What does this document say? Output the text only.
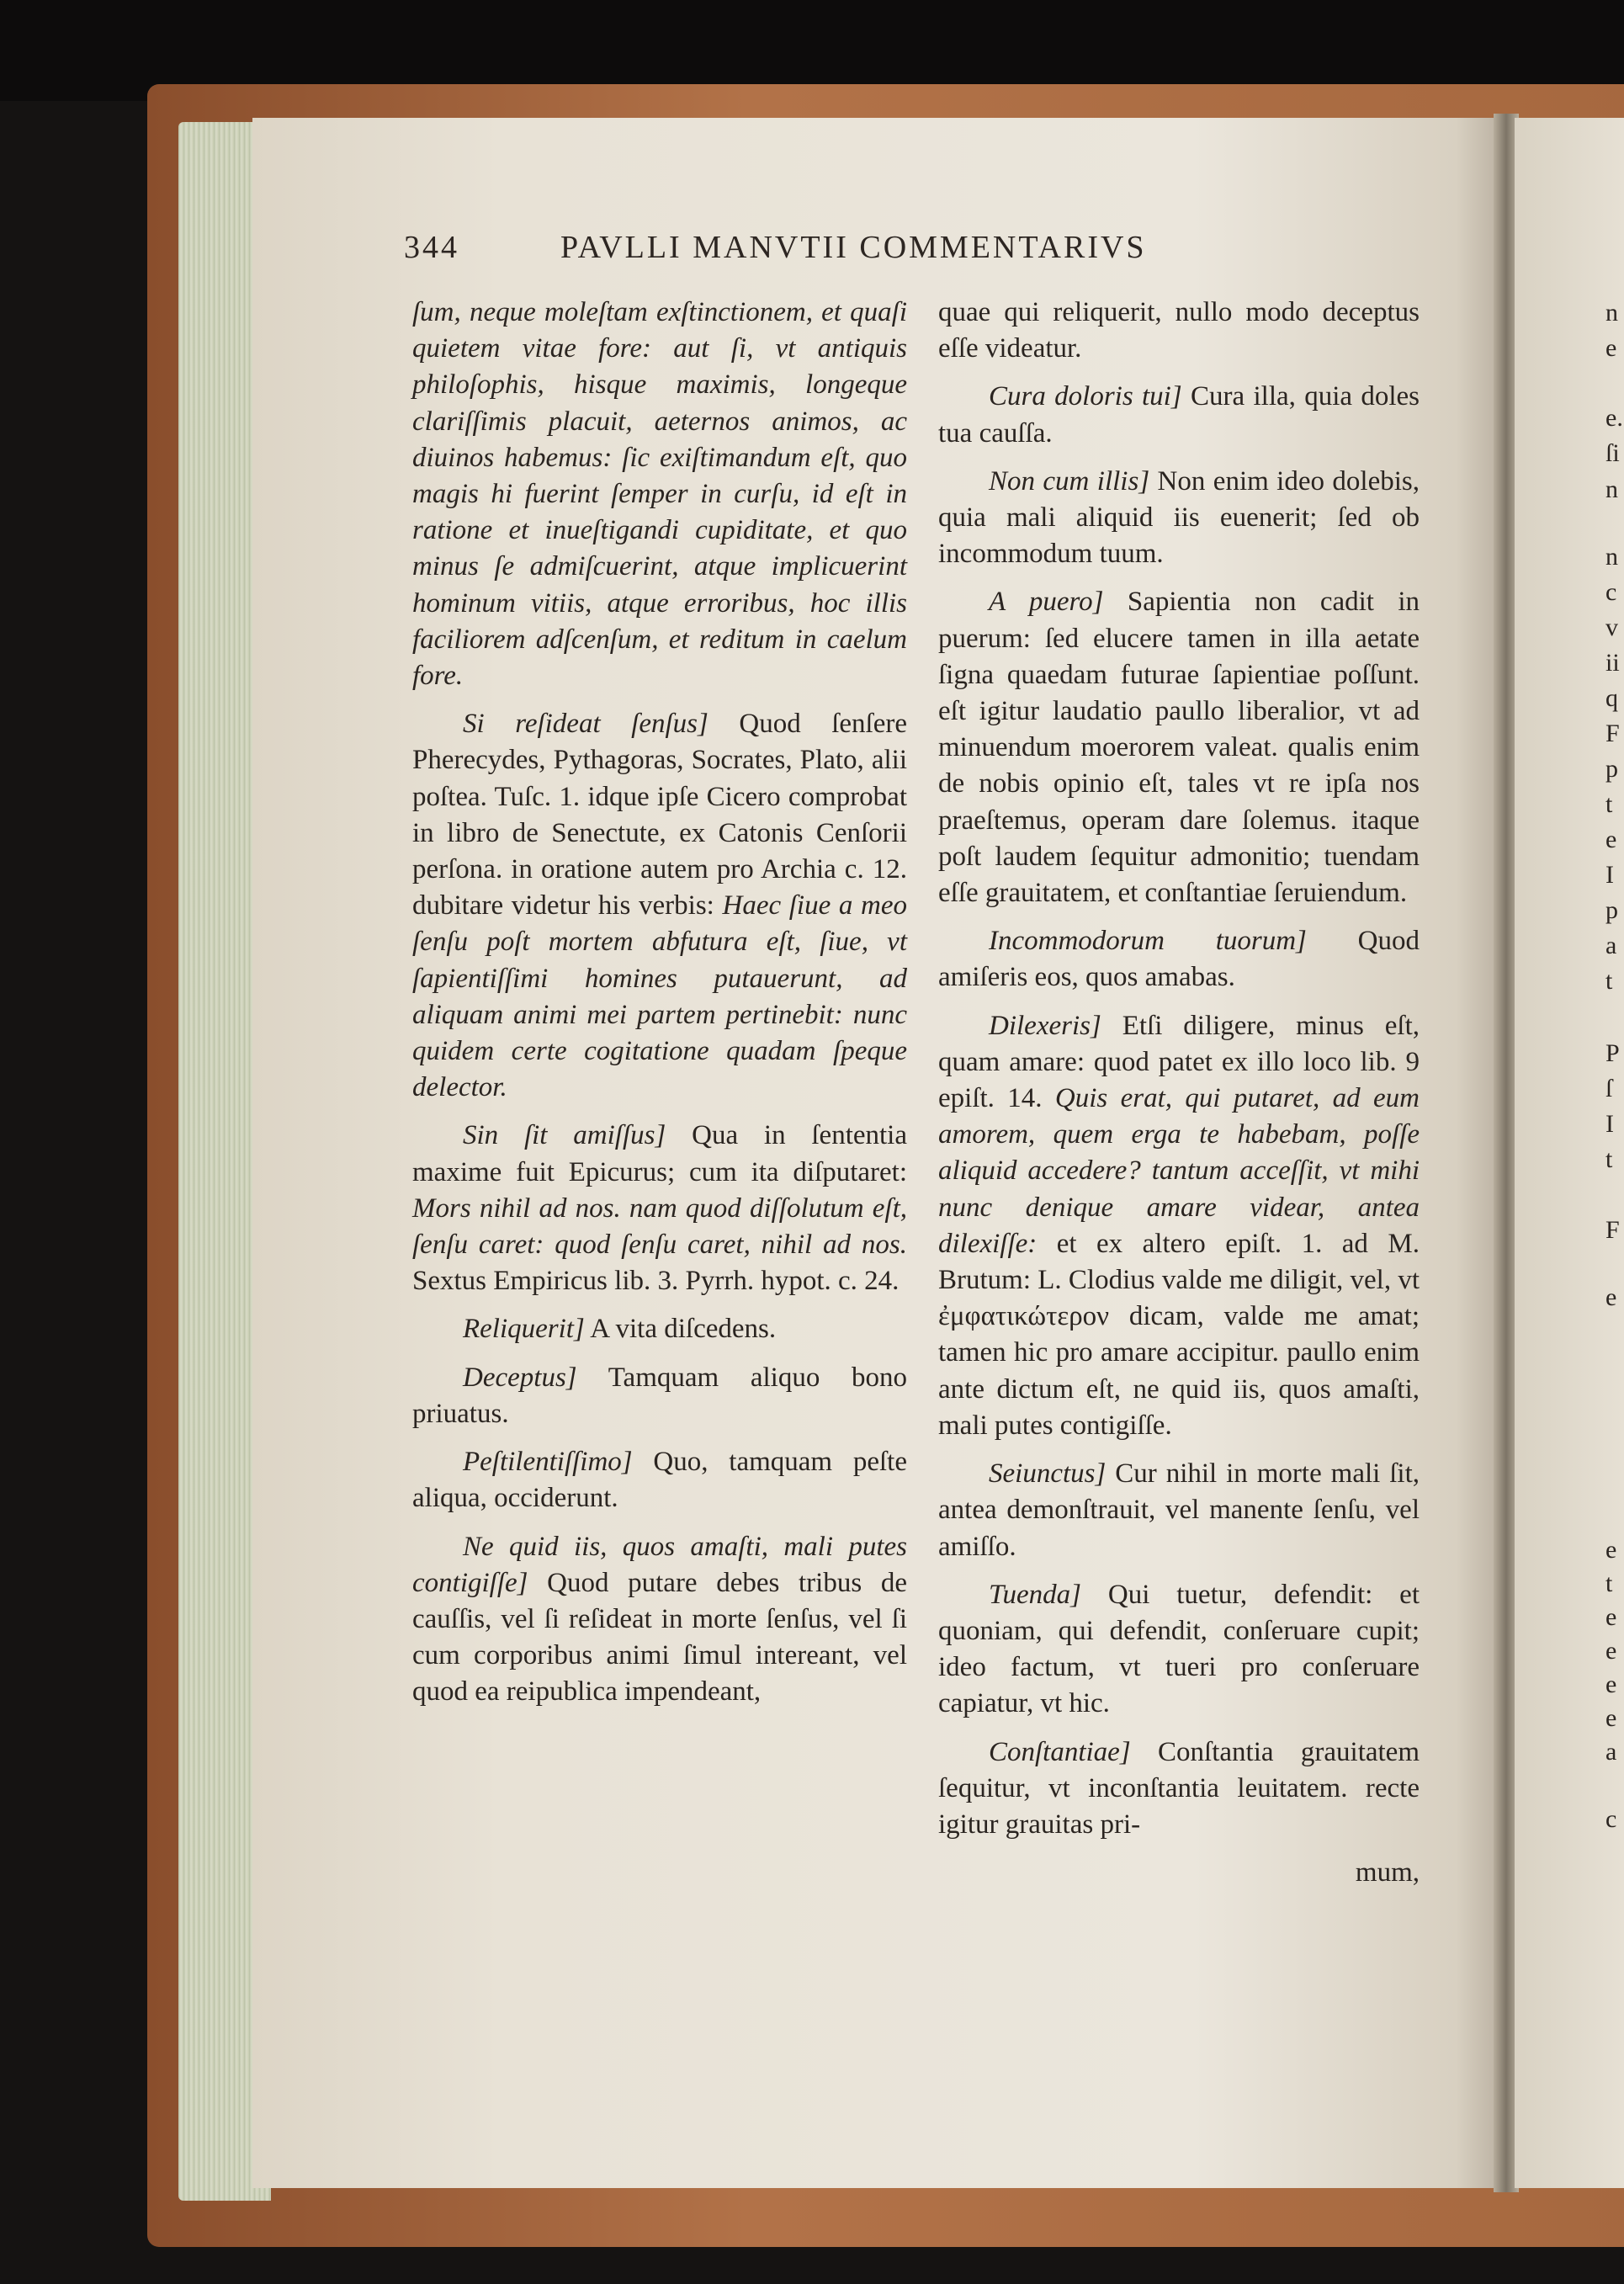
344	PAVLLI MANVTII COMMENTARIVS

ſum, neque moleſtam exſtinctionem, et quaſi quietem vitae fore: aut ſi, vt antiquis philoſophis, hisque maximis, longeque clariſſimis placuit, aeternos animos, ac diuinos habemus: ſic exiſtimandum eſt, quo magis hi fuerint ſemper in curſu, id eſt in ratione et inueſtigandi cupiditate, et quo minus ſe admiſcuerint, atque implicuerint hominum vitiis, atque erroribus, hoc illis faciliorem adſcenſum, et reditum in caelum fore.

Si reſideat ſenſus] Quod ſenſere Pherecydes, Pythagoras, Socrates, Plato, alii poſtea. Tuſc. 1. idque ipſe Cicero comprobat in libro de Senectute, ex Catonis Cenſorii perſona. in oratione autem pro Archia c. 12. dubitare videtur his verbis: Haec ſiue a meo ſenſu poſt mortem abfutura eſt, ſiue, vt ſapientiſſimi homines putauerunt, ad aliquam animi mei partem pertinebit: nunc quidem certe cogitatione quadam ſpeque delector.

Sin ſit amiſſus] Qua in ſententia maxime fuit Epicurus; cum ita diſputaret: Mors nihil ad nos. nam quod diſſolutum eſt, ſenſu caret: quod ſenſu caret, nihil ad nos. Sextus Empiricus lib. 3. Pyrrh. hypot. c. 24.

Reliquerit] A vita diſcedens.

Deceptus] Tamquam aliquo bono priuatus.

Peſtilentiſſimo] Quo, tamquam peſte aliqua, occiderunt.

Ne quid iis, quos amaſti, mali putes contigiſſe] Quod putare debes tribus de cauſſis, vel ſi reſideat in morte ſenſus, vel ſi cum corporibus animi ſimul intereant, vel quod ea reipublica impendeant,

quae qui reliquerit, nullo modo deceptus eſſe videatur.

Cura doloris tui] Cura illa, quia doles tua cauſſa.

Non cum illis] Non enim ideo dolebis, quia mali aliquid iis euenerit; ſed ob incommodum tuum.

A puero] Sapientia non cadit in puerum: ſed elucere tamen in illa aetate ſigna quaedam futurae ſapientiae poſſunt. eſt igitur laudatio paullo liberalior, vt ad minuendum moerorem valeat. qualis enim de nobis opinio eſt, tales vt re ipſa nos praeſtemus, operam dare ſolemus. itaque poſt laudem ſequitur admonitio; tuendam eſſe grauitatem, et conſtantiae ſeruiendum.

Incommodorum tuorum] Quod amiſeris eos, quos amabas.

Dilexeris] Etſi diligere, minus eſt, quam amare: quod patet ex illo loco lib. 9 epiſt. 14. Quis erat, qui putaret, ad eum amorem, quem erga te habebam, poſſe aliquid accedere? tantum acceſſit, vt mihi nunc denique amare videar, antea dilexiſſe: et ex altero epiſt. 1. ad M. Brutum: L. Clodius valde me diligit, vel, vt ἐμφατικώτερον dicam, valde me amat; tamen hic pro amare accipitur. paullo enim ante dictum eſt, ne quid iis, quos amaſti, mali putes contigiſſe.

Seiunctus] Cur nihil in morte mali ſit, antea demonſtrauit, vel manente ſenſu, vel amiſſo.

Tuenda] Qui tuetur, defendit: et quoniam, qui defendit, conſeruare cupit; ideo factum, vt tueri pro conſeruare capiatur, vt hic.

Conſtantiae] Conſtantia grauitatem ſequitur, vt inconſtantia leuitatem. recte igitur grauitas pri-

mum,

n
e
e.
ſi
n
n
c
v
ii
q
F
p
t
e
I
p
a
t
P
ſ
I
t
F
e
e
t
e
e
e
e
a
c
